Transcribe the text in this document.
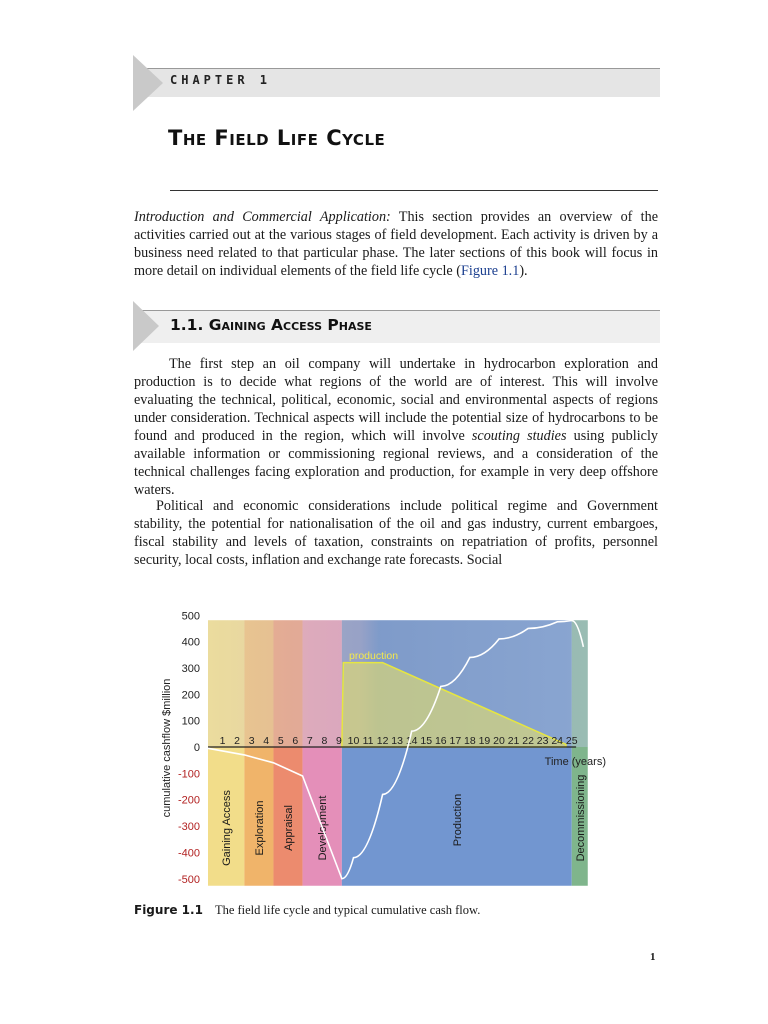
CHAPTER 1
The Field Life Cycle
Introduction and Commercial Application: This section provides an overview of the activities carried out at the various stages of field development. Each activity is driven by a business need related to that particular phase. The later sections of this book will focus in more detail on individual elements of the field life cycle (Figure 1.1).
1.1. Gaining Access Phase
The first step an oil company will undertake in hydrocarbon exploration and production is to decide what regions of the world are of interest. This will involve evaluating the technical, political, economic, social and environmental aspects of regions under consideration. Technical aspects will include the potential size of hydrocarbons to be found and produced in the region, which will involve scouting studies using publicly available information or commissioning regional reviews, and a consideration of the technical challenges facing exploration and production, for example in very deep offshore waters.
Political and economic considerations include political regime and Government stability, the potential for nationalisation of the oil and gas industry, current embargoes, fiscal stability and levels of taxation, constraints on repatriation of profits, personnel security, local costs, inflation and exchange rate forecasts. Social
500
400
300
200
100
0
-100
-200
-300
-400
-500
1 2 3 4 5 6 7 8 9 10 11 12 13 14 15 16 17 18 19 20 21 22 23 24 25
Gaining Access Exploration Appraisal Development	Production	Decommissioning
cumulative cashflow $million	Time (years)
production
Figure 1.1 The field life cycle and typical cumulative cash flow.
1
